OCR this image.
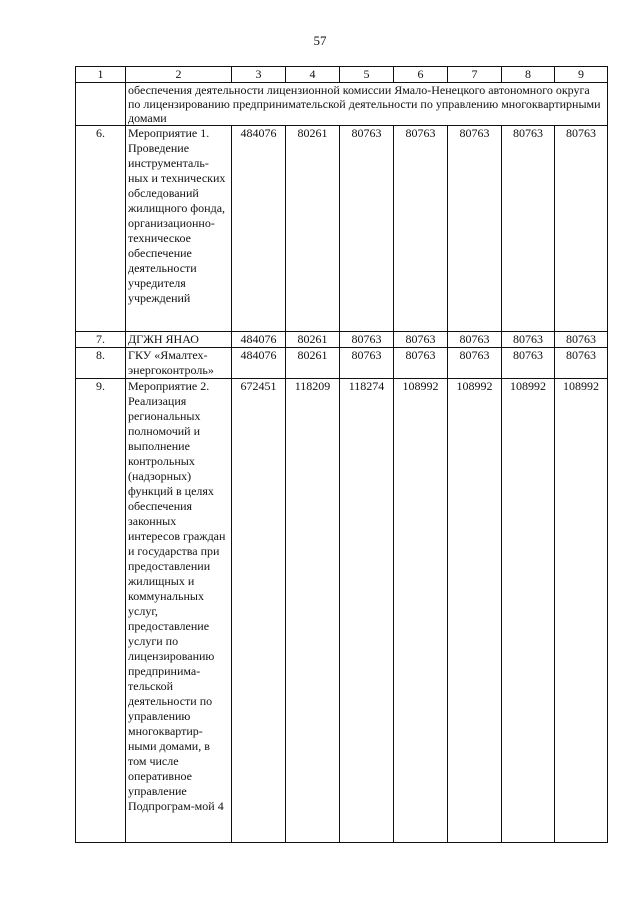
57
1	2	3	4	5	6	7	8	9
	обеспечения деятельности лицензионной комиссии Ямало-Ненецкого автономного округа по лицензированию предпринимательской деятельности по управлению многоквартирными домами							
6.	Мероприятие 1. Проведение инструменталь-ных и технических обследований жилищного фонда, организационно-техническое обеспечение деятельности учредителя учреждений	484076	80261	80763	80763	80763	80763	80763
7.	ДГЖН ЯНАО	484076	80261	80763	80763	80763	80763	80763
8.	ГКУ «Ямалтех-энергоконтроль»	484076	80261	80763	80763	80763	80763	80763
9.	Мероприятие 2. Реализация региональных полномочий и выполнение контрольных (надзорных) функций в целях обеспечения законных интересов граждан и государства при предоставлении жилищных и коммунальных услуг, предоставление услуги по лицензированию предпринима-тельской деятельности по управлению многоквартир-ными домами, в том числе оперативное управление Подпрограм-мой 4	672451	118209	118274	108992	108992	108992	108992
